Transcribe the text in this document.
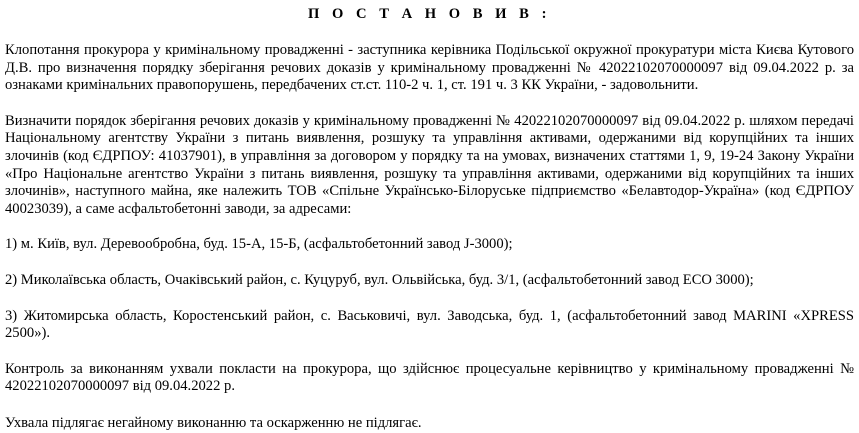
П О С Т А Н О В И В :

Клопотання прокурора у кримінальному провадженні - заступника керівника Подільської окружної прокуратури міста Києва Кутового Д.В. про визначення порядку зберігання речових доказів у кримінальному провадженні № 42022102070000097 від 09.04.2022 р. за ознаками кримінальних правопорушень, передбачених ст.ст. 110-2 ч. 1, ст. 191 ч. 3 КК України, - задовольнити.

Визначити порядок зберігання речових доказів у кримінальному провадженні № 42022102070000097 від 09.04.2022 р. шляхом передачі Національному агентству України з питань виявлення, розшуку та управління активами, одержаними від корупційних та інших злочинів (код ЄДРПОУ: 41037901), в управління за договором у порядку та на умовах, визначених статтями 1, 9, 19-24 Закону України «Про Національне агентство України з питань виявлення, розшуку та управління активами, одержаними від корупційних та інших злочинів», наступного майна, яке належить ТОВ «Спільне Українсько-Білоруське підприємство «Белавтодор-Україна» (код ЄДРПОУ 40023039), а саме асфальтобетонні заводи, за адресами:

1) м. Київ, вул. Деревообробна, буд. 15-А, 15-Б, (асфальтобетонний завод J-3000);

2) Миколаївська область, Очаківський район, с. Куцуруб, вул. Ольвійська, буд. 3/1, (асфальтобетонний завод ECO 3000);

3) Житомирська область, Коростенський район, с. Васьковичі, вул. Заводська, буд. 1, (асфальтобетонний завод MARINI «XPRESS 2500»).

Контроль за виконанням ухвали покласти на прокурора, що здійснює процесуальне керівництво у кримінальному провадженні № 42022102070000097 від 09.04.2022 р.

Ухвала підлягає негайному виконанню та оскарженню не підлягає.
